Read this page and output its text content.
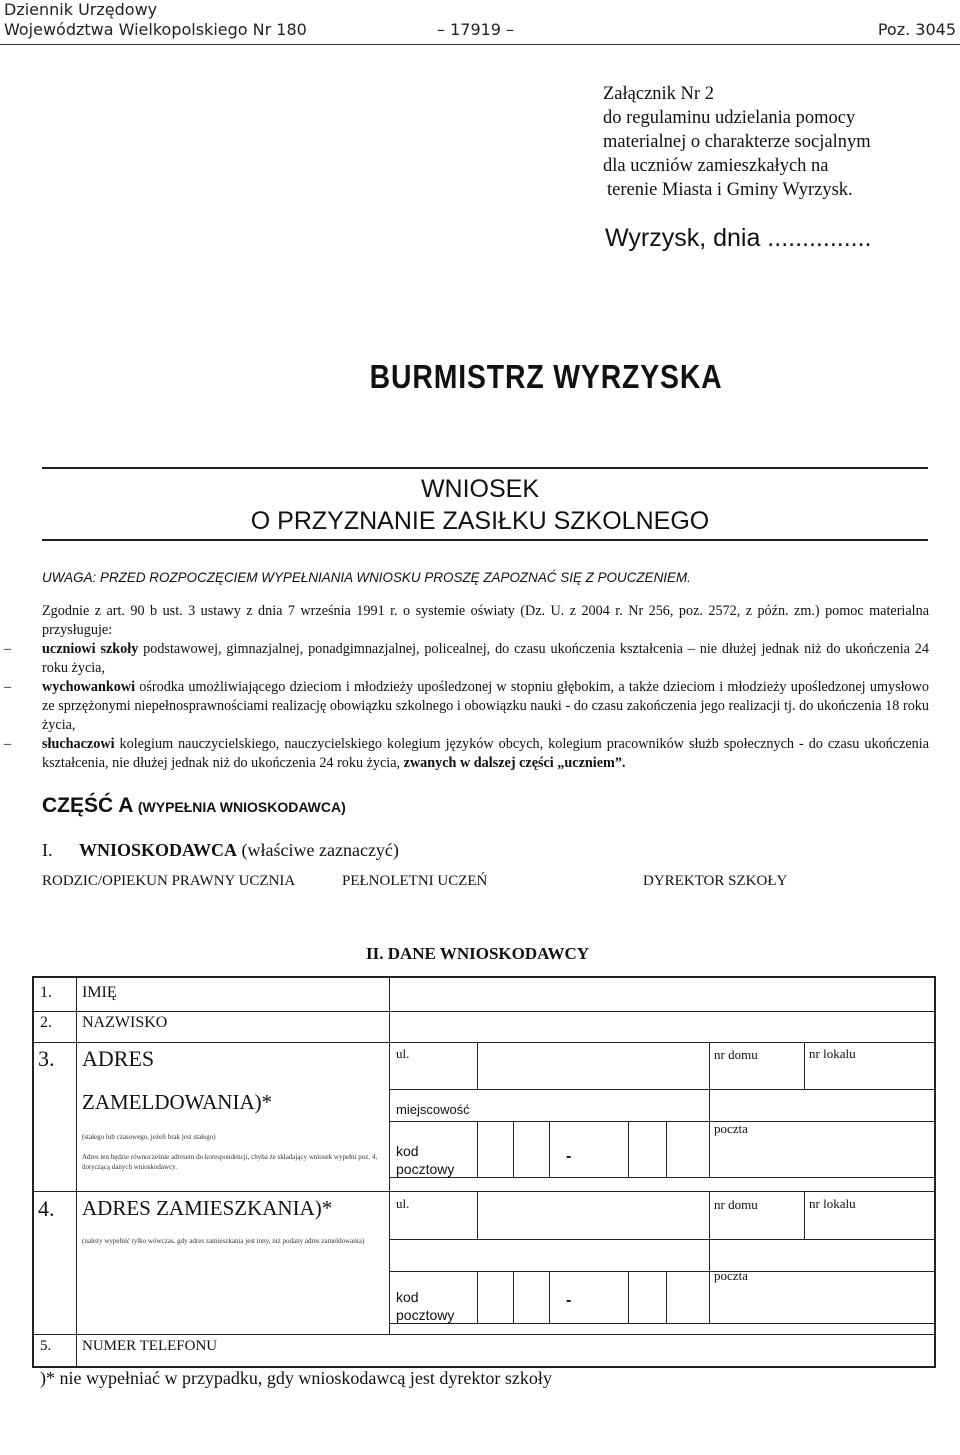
Dziennik Urzędowy
Województwa Wielkopolskiego Nr 180	– 17919 –	Poz. 3045
Załącznik Nr 2
do regulaminu udzielania pomocy
materialnej o charakterze socjalnym
dla uczniów zamieszkałych na
terenie Miasta i Gminy Wyrzysk.
Wyrzysk, dnia ...............
BURMISTRZ WYRZYSKA
WNIOSEK
O PRZYZNANIE ZASIŁKU SZKOLNEGO
UWAGA: PRZED ROZPOCZĘCIEM WYPEŁNIANIA WNIOSKU PROSZĘ ZAPOZNAĆ SIĘ Z POUCZENIEM.

Zgodnie z art. 90 b ust. 3 ustawy z dnia 7 września 1991 r. o systemie oświaty (Dz. U. z 2004 r. Nr 256, poz. 2572, z późn. zm.) pomoc materialna przysługuje:

– uczniowi szkoły podstawowej, gimnazjalnej, ponadgimnazjalnej, policealnej, do czasu ukończenia kształcenia – nie dłużej jednak niż do ukończenia 24 roku życia,

– wychowankowi ośrodka umożliwiającego dzieciom i młodzieży upośledzonej w stopniu głębokim, a także dzieciom i młodzieży upośledzonej umysłowo ze sprzężonymi niepełnosprawnościami realizację obowiązku szkolnego i obowiązku nauki - do czasu zakończenia jego realizacji tj. do ukończenia 18 roku życia,

– słuchaczowi kolegium nauczycielskiego, nauczycielskiego kolegium języków obcych, kolegium pracowników służb społecznych - do czasu ukończenia kształcenia, nie dłużej jednak niż do ukończenia 24 roku życia, zwanych w dalszej części „uczniem”.

CZĘŚĆ A (WYPEŁNIA WNIOSKODAWCA)
I. WNIOSKODAWCA (właściwe zaznaczyć)
RODZIC/OPIEKUN PRAWNY UCZNIA	PEŁNOLETNI UCZEŃ	DYREKTOR SZKOŁY
II. DANE WNIOSKODAWCY
1. IMIĘ
2. NAZWISKO
3. ADRES
ZAMELDOWANIA)*
(stałego lub czasowego, jeżeli brak jest stałego)
Adres ten będzie równocześnie adresem do korespondencji, chyba że składający wniosek wypełni poz. 4, dotyczącą danych wnioskodawcy.
ul.	nr domu	nr lokalu
miejscowość
poczta
kod pocztowy
-
4. ADRES ZAMIESZKANIA)*
(należy wypełnić tylko wówczas, gdy adres zamieszkania jest inny, niż podany adres zameldowania)
ul.	nr domu	nr lokalu
poczta
kod pocztowy
-
5. NUMER TELEFONU
)* nie wypełniać w przypadku, gdy wnioskodawcą jest dyrektor szkoły
